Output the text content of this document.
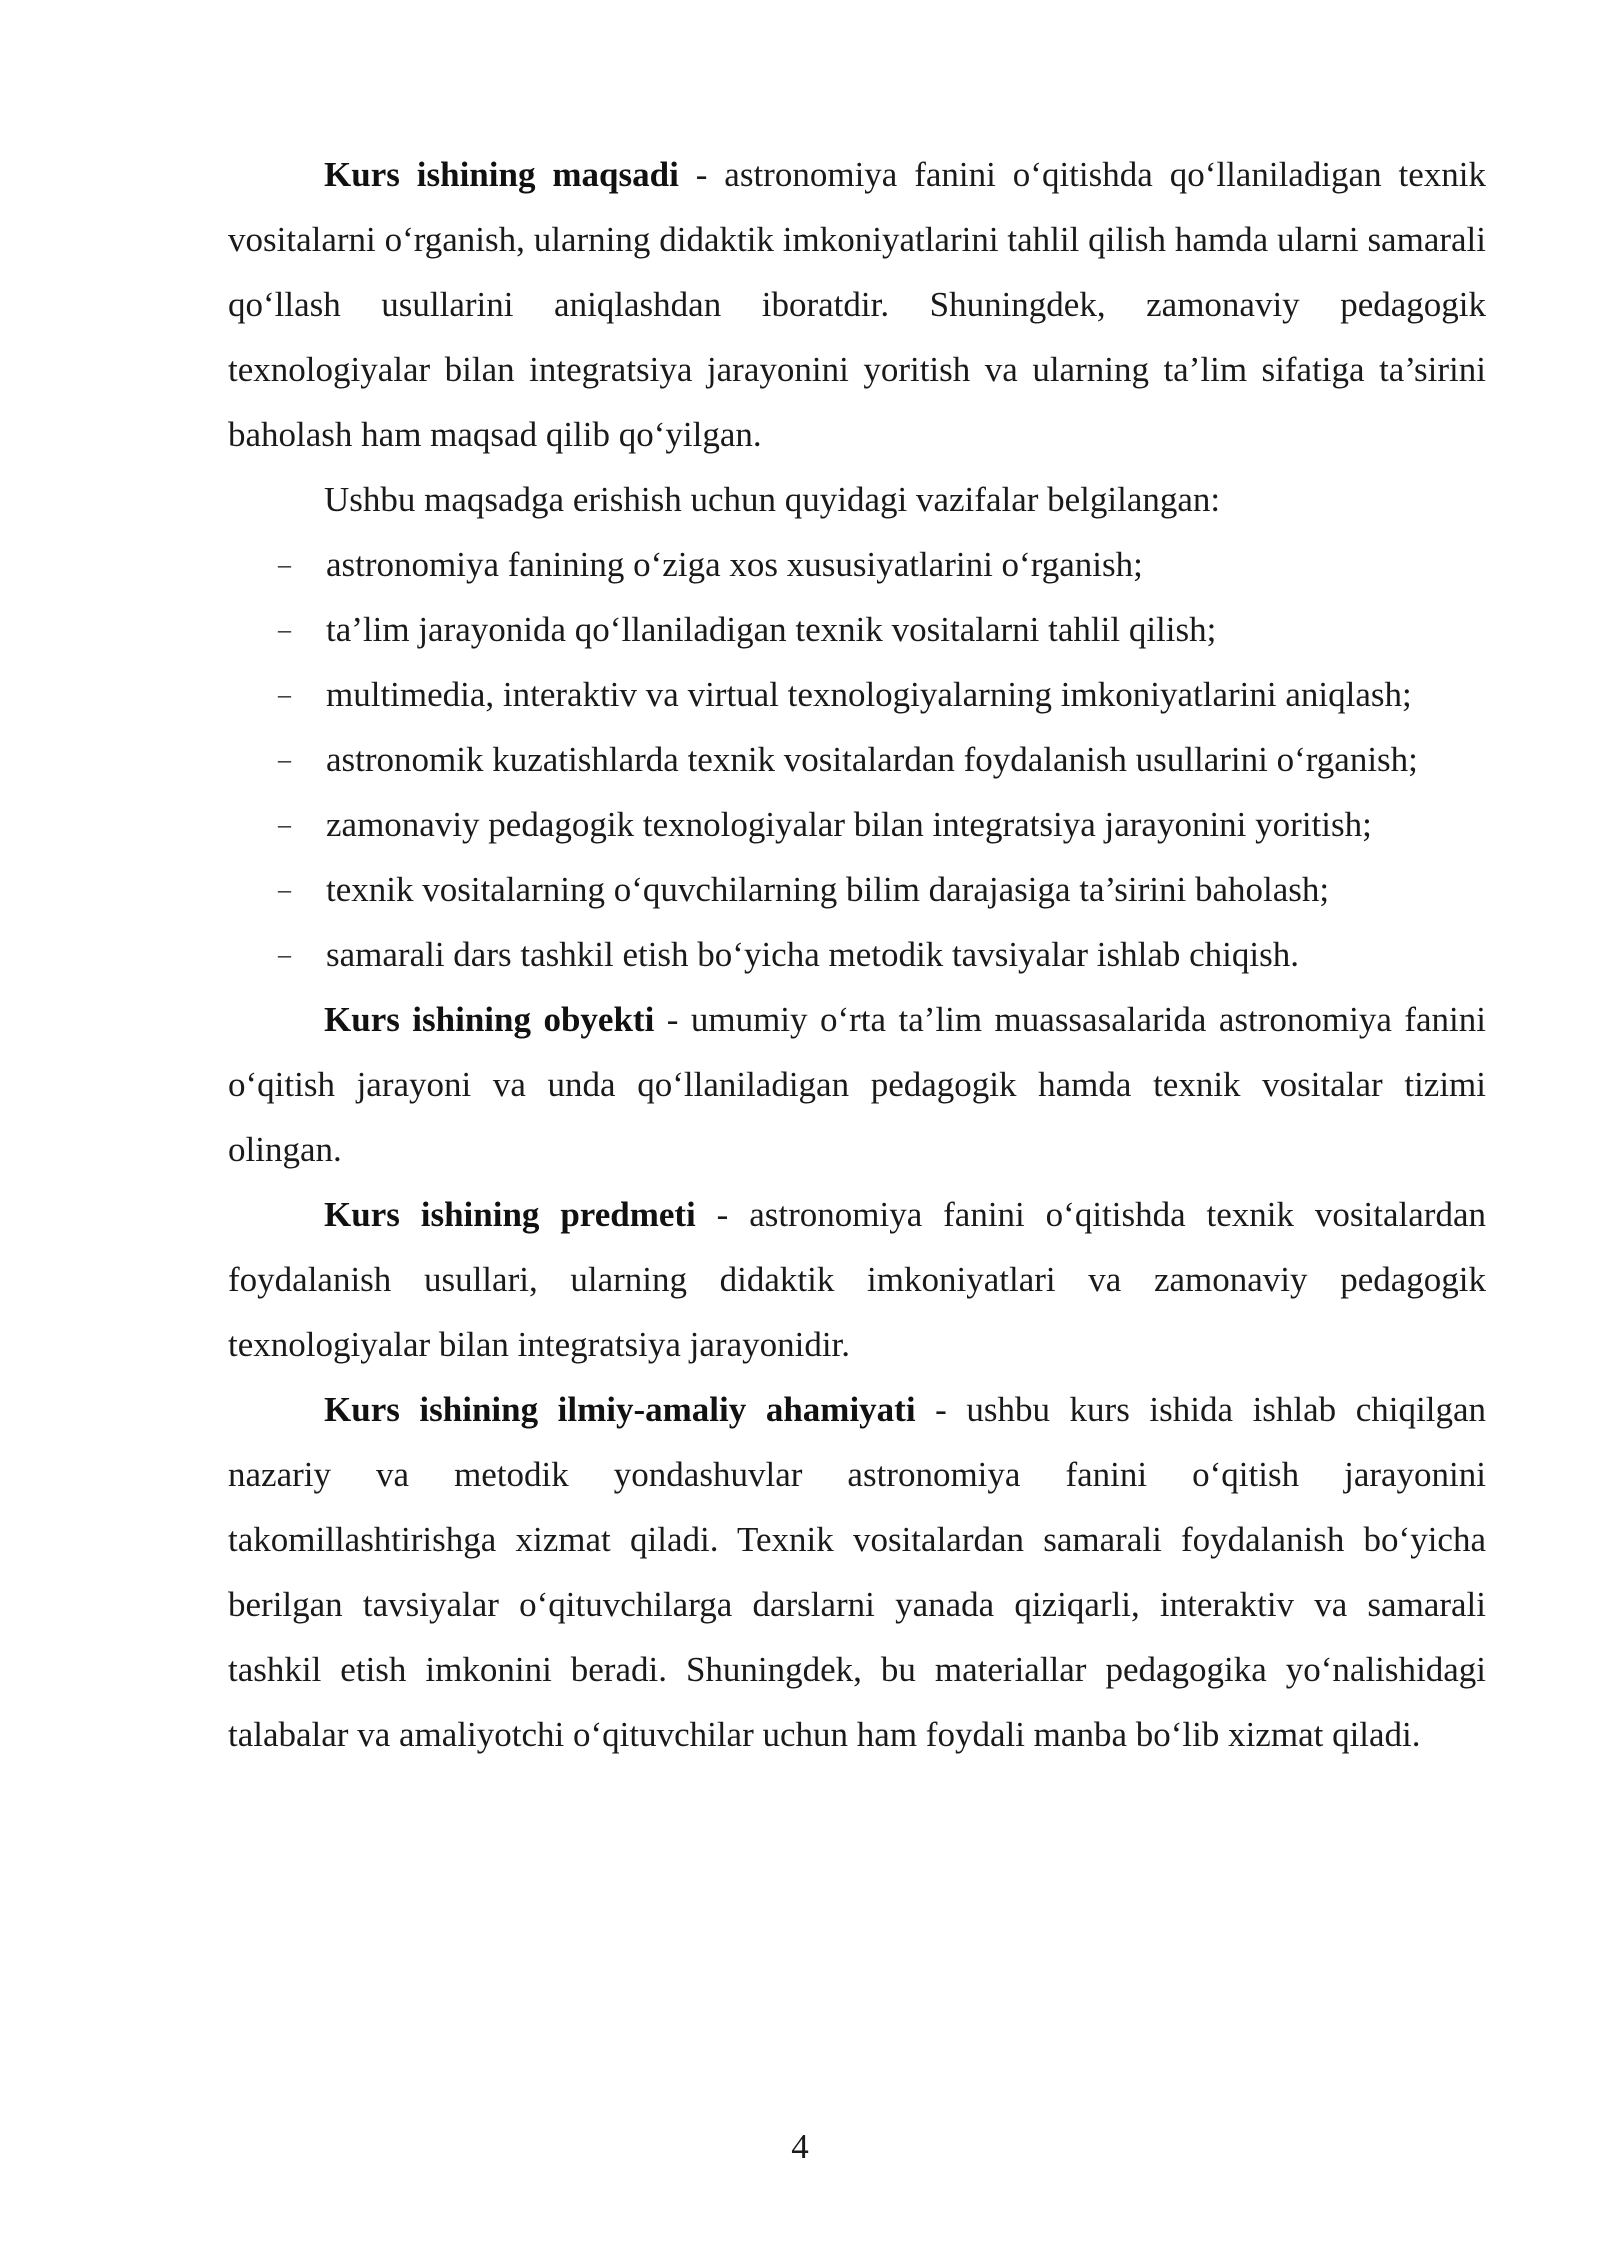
Kurs ishining maqsadi - astronomiya fanini o‘qitishda qo‘llaniladigan texnik vositalarni o‘rganish, ularning didaktik imkoniyatlarini tahlil qilish hamda ularni samarali qo‘llash usullarini aniqlashdan iboratdir. Shuningdek, zamonaviy pedagogik texnologiyalar bilan integratsiya jarayonini yoritish va ularning ta’lim sifatiga ta’sirini baholash ham maqsad qilib qo‘yilgan.

Ushbu maqsadga erishish uchun quyidagi vazifalar belgilangan:

– astronomiya fanining o‘ziga xos xususiyatlarini o‘rganish;
– ta’lim jarayonida qo‘llaniladigan texnik vositalarni tahlil qilish;
– multimedia, interaktiv va virtual texnologiyalarning imkoniyatlarini aniqlash;
– astronomik kuzatishlarda texnik vositalardan foydalanish usullarini o‘rganish;
– zamonaviy pedagogik texnologiyalar bilan integratsiya jarayonini yoritish;
– texnik vositalarning o‘quvchilarning bilim darajasiga ta’sirini baholash;
– samarali dars tashkil etish bo‘yicha metodik tavsiyalar ishlab chiqish.

Kurs ishining obyekti - umumiy o‘rta ta’lim muassasalarida astronomiya fanini o‘qitish jarayoni va unda qo‘llaniladigan pedagogik hamda texnik vositalar tizimi olingan.

Kurs ishining predmeti - astronomiya fanini o‘qitishda texnik vositalardan foydalanish usullari, ularning didaktik imkoniyatlari va zamonaviy pedagogik texnologiyalar bilan integratsiya jarayonidir.

Kurs ishining ilmiy-amaliy ahamiyati - ushbu kurs ishida ishlab chiqilgan nazariy va metodik yondashuvlar astronomiya fanini o‘qitish jarayonini takomillashtirishga xizmat qiladi. Texnik vositalardan samarali foydalanish bo‘yicha berilgan tavsiyalar o‘qituvchilarga darslarni yanada qiziqarli, interaktiv va samarali tashkil etish imkonini beradi. Shuningdek, bu materiallar pedagogika yo‘nalishidagi talabalar va amaliyotchi o‘qituvchilar uchun ham foydali manba bo‘lib xizmat qiladi.

4
